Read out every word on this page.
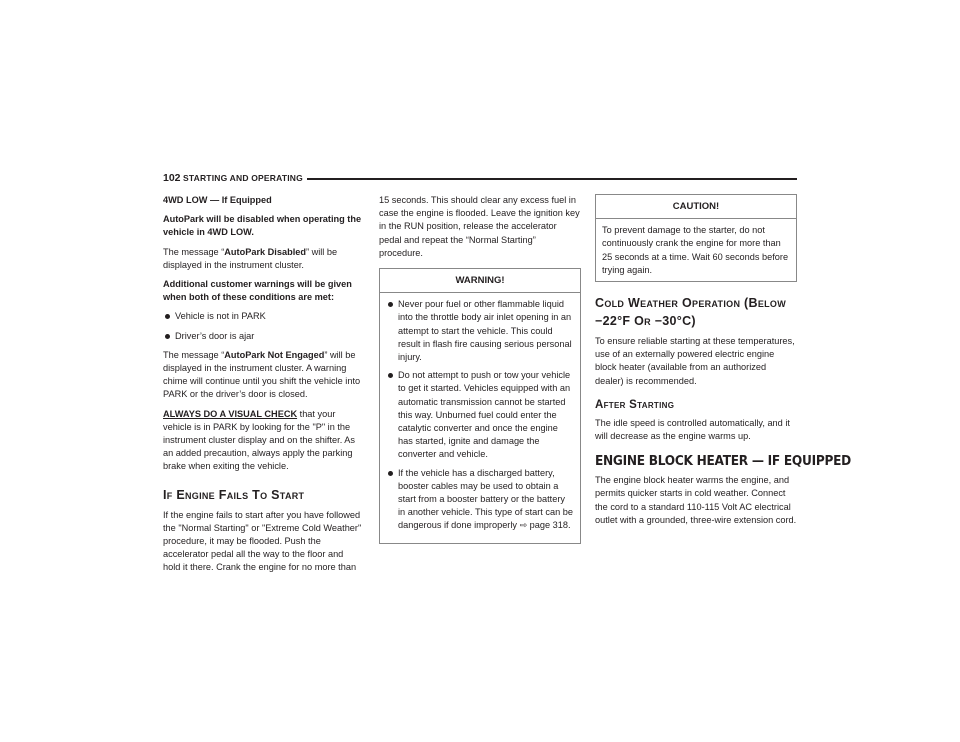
102 STARTING AND OPERATING

4WD LOW — If Equipped

AutoPark will be disabled when operating the vehicle in 4WD LOW.

The message “AutoPark Disabled” will be displayed in the instrument cluster.

Additional customer warnings will be given when both of these conditions are met:

Vehicle is not in PARK
Driver’s door is ajar

The message “AutoPark Not Engaged” will be displayed in the instrument cluster. A warning chime will continue until you shift the vehicle into PARK or the driver’s door is closed.

ALWAYS DO A VISUAL CHECK that your vehicle is in PARK by looking for the "P" in the instrument cluster display and on the shifter. As an added precaution, always apply the parking brake when exiting the vehicle.

If Engine Fails To Start

If the engine fails to start after you have followed the "Normal Starting" or "Extreme Cold Weather" procedure, it may be flooded. Push the accelerator pedal all the way to the floor and hold it there. Crank the engine for no more than

15 seconds. This should clear any excess fuel in case the engine is flooded. Leave the ignition key in the RUN position, release the accelerator pedal and repeat the “Normal Starting” procedure.

WARNING!
Never pour fuel or other flammable liquid into the throttle body air inlet opening in an attempt to start the vehicle. This could result in flash fire causing serious personal injury.
Do not attempt to push or tow your vehicle to get it started. Vehicles equipped with an automatic transmission cannot be started this way. Unburned fuel could enter the catalytic converter and once the engine has started, ignite and damage the converter and vehicle.
If the vehicle has a discharged battery, booster cables may be used to obtain a start from a booster battery or the battery in another vehicle. This type of start can be dangerous if done improperly ⇨ page 318.
CAUTION!
To prevent damage to the starter, do not continuously crank the engine for more than 25 seconds at a time. Wait 60 seconds before trying again.
Cold Weather Operation (Below −22°F Or −30°C)

To ensure reliable starting at these temperatures, use of an externally powered electric engine block heater (available from an authorized dealer) is recommended.

After Starting

The idle speed is controlled automatically, and it will decrease as the engine warms up.

ENGINE BLOCK HEATER — IF EQUIPPED

The engine block heater warms the engine, and permits quicker starts in cold weather. Connect the cord to a standard 110-115 Volt AC electrical outlet with a grounded, three-wire extension cord.
